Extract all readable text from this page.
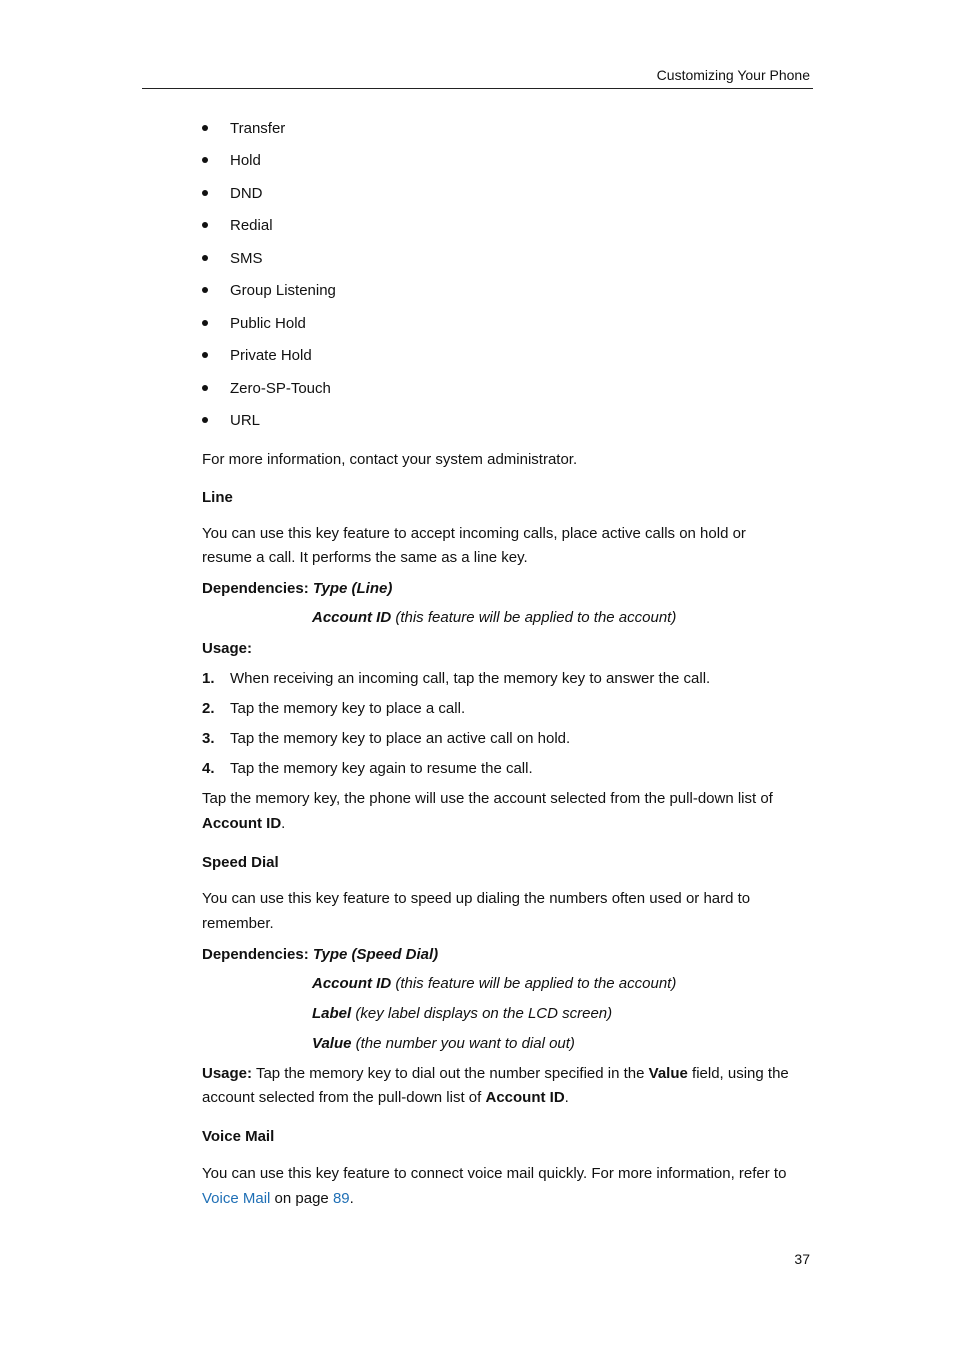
Customizing Your Phone
Transfer
Hold
DND
Redial
SMS
Group Listening
Public Hold
Private Hold
Zero-SP-Touch
URL
For more information, contact your system administrator.
Line
You can use this key feature to accept incoming calls, place active calls on hold or
resume a call. It performs the same as a line key.
Dependencies: Type (Line)
Account ID (this feature will be applied to the account)
Usage:
1. When receiving an incoming call, tap the memory key to answer the call.
2. Tap the memory key to place a call.
3. Tap the memory key to place an active call on hold.
4. Tap the memory key again to resume the call.
Tap the memory key, the phone will use the account selected from the pull-down list of
Account ID.
Speed Dial
You can use this key feature to speed up dialing the numbers often used or hard to
remember.
Dependencies: Type (Speed Dial)
Account ID (this feature will be applied to the account)
Label (key label displays on the LCD screen)
Value (the number you want to dial out)
Usage: Tap the memory key to dial out the number specified in the Value field, using the
account selected from the pull-down list of Account ID.
Voice Mail
You can use this key feature to connect voice mail quickly. For more information, refer to
Voice Mail on page 89.
37
